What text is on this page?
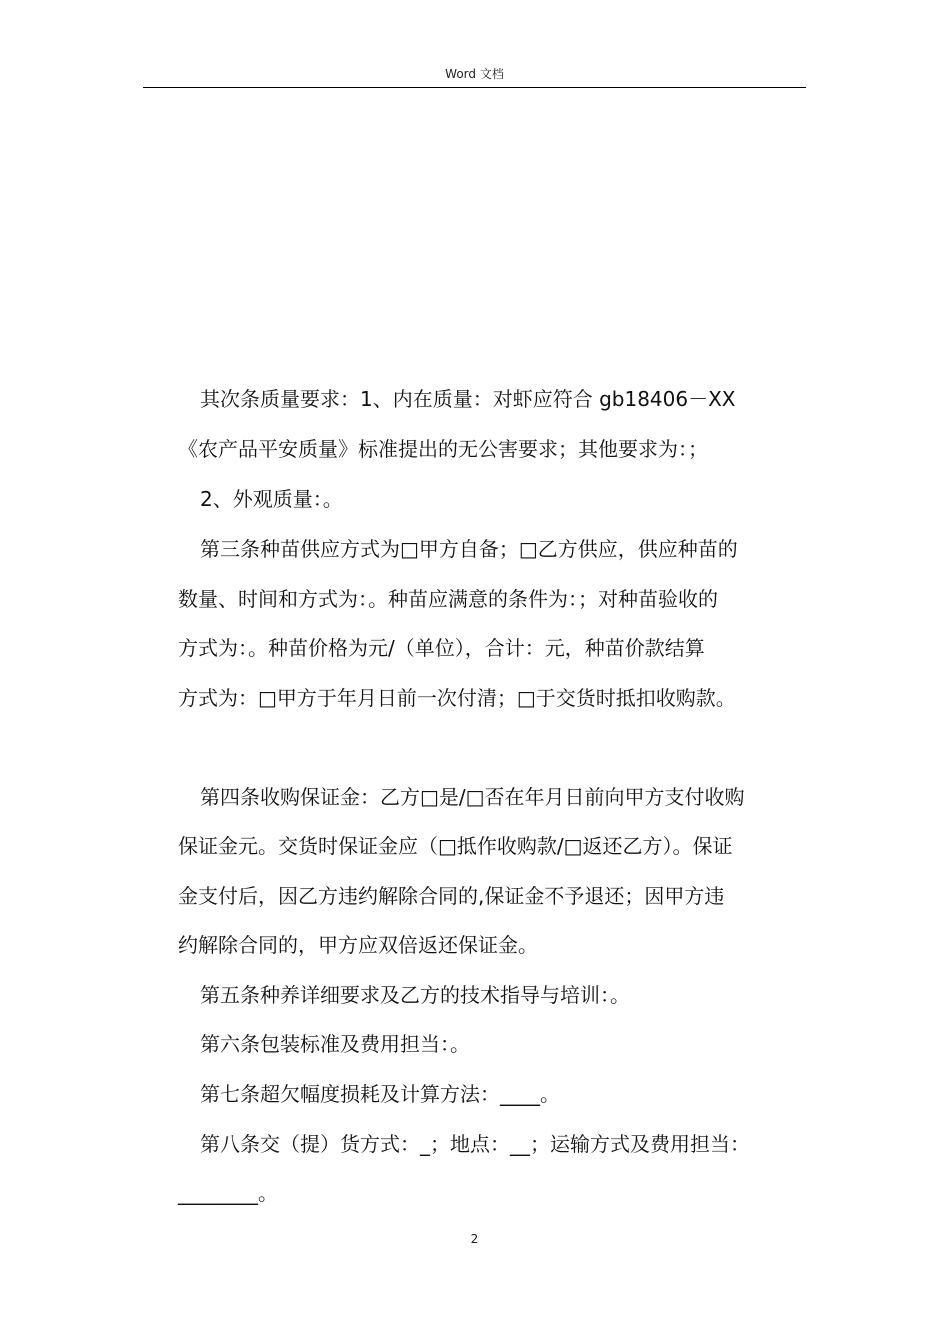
Word 文档
其次条质量要求：1、内在质量：对虾应符合 gb18406－XX
《农产品平安质量》标准提出的无公害要求；其他要求为：；
2、外观质量：。
第三条种苗供应方式为□甲方自备；□乙方供应，供应种苗的
数量、时间和方式为：。种苗应满意的条件为：；对种苗验收的
方式为：。种苗价格为元/（单位），合计：元，种苗价款结算
方式为：□甲方于年月日前一次付清；□于交货时抵扣收购款。
第四条收购保证金：乙方□是/□否在年月日前向甲方支付收购
保证金元。交货时保证金应（□抵作收购款/□返还乙方）。保证
金支付后，因乙方违约解除合同的,保证金不予退还；因甲方违
约解除合同的，甲方应双倍返还保证金。
第五条种养详细要求及乙方的技术指导与培训：。
第六条包装标准及费用担当：。
第七条超欠幅度损耗及计算方法：____。
第八条交（提）货方式：_；地点：__；运输方式及费用担当：
________。
2
